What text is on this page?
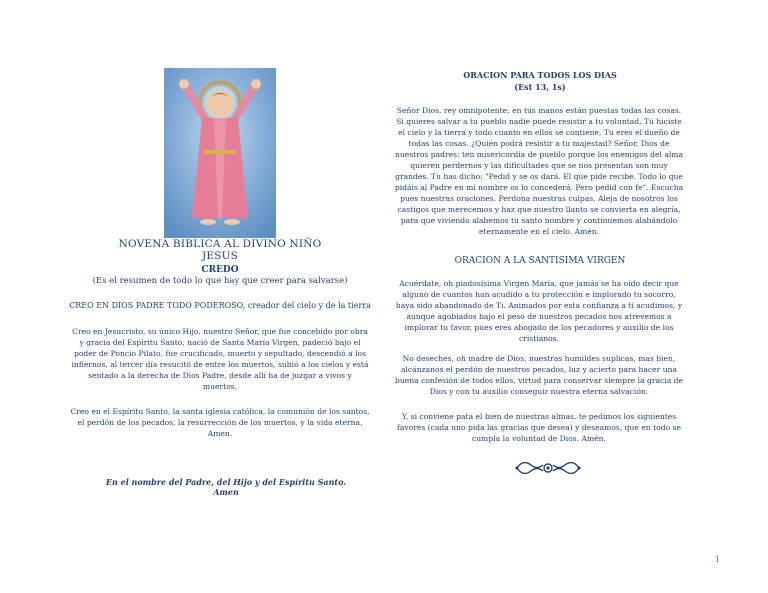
NOVENA BIBLICA AL DIVINO NIÑO JESUS
CREDO
(Es el resumen de todo lo que hay que creer para salvarse)
CREO EN DIOS PADRE TODO PODEROSO, creador del cielo y de la tierra
Creo en Jesucristo, su único Hijo, nuestro Señor, que fue concebido por obra y gracia del Espíritu Santo, nació de Santa María Virgen, padeció bajo el poder de Poncio Pilato, fue crucificado, muerto y sepultado, descendió a los infiernos, al tercer día resucitó de entre los muertos, subió a los cielos y está sentado a la derecha de Dios Padre, desde allí ha de juzgar a vivos y muertos.
Creo en el Espíritu Santo, la santa iglesia católica, la comunión de los santos, el perdón de los pecados, la resurrección de los muertos, y la vida eterna, Amen.
En el nombre del Padre, del Hijo y del Espíritu Santo. Amen
ORACION PARA TODOS LOS DIAS
(Est 13, 1s)
Señor Dios, rey omnipotente; en tus manos están puestas todas las cosas. Si quieres salvar a tu pueblo nadie puede resistir a tu voluntad, Tú hiciste el cielo y la tierra y todo cuanto en ellos se contiene, Tu eres el dueño de todas las cosas. ¿Quién podrá resistir a tu majestad? Señor, Dios de nuestros padres: ten misericordia de pueblo porque los enemigos del alma quieren perdernos y las dificultades que se nos presentan son muy grandes. Tu has dicho: "Pedid y se os dará. El que pide recibe. Todo lo que pidáis al Padre en mi nombre os lo concederá. Pero pedid con fe". Escucha pues nuestras oraciones. Perdona nuestras culpas. Aleja de nosotros los castigos que merecemos y haz que nuestro llanto se convierta en alegría, para que viviendo alabemos tu santo nombre y continuemos alabándolo eternamente en el cielo. Amén.
ORACION A LA SANTISIMA VIRGEN
Acuérdate, oh piadosísima Virgen María, que jamás se ha oído decir que alguno de cuantos han acudido a tu protección e implorado tu socorro, haya sido abandonado de Ti. Animados por esta confianza a ti acudimos, y aunque agobiados bajo el peso de nuestros pecados nos atrevemos a implorar tu favor, pues eres abogado de los pecadores y auxilio de los cristianos.
No deseches, oh madre de Dios, nuestras humildes suplicas, mas bien, alcánzanos el perdón de nuestros pecados, luz y acierto para hacer una buena confesión de todos ellos, virtud para conservar siempre la gracia de Dios y con tu auxilio conseguir nuestra eterna salvación.
Y, si conviene pata el bien de nuestras almas, te pedimos los siguientes favores (cada uno pida las gracias que desea) y deseamos, que en todo se cumpla la voluntad de Dios. Amén.
1
